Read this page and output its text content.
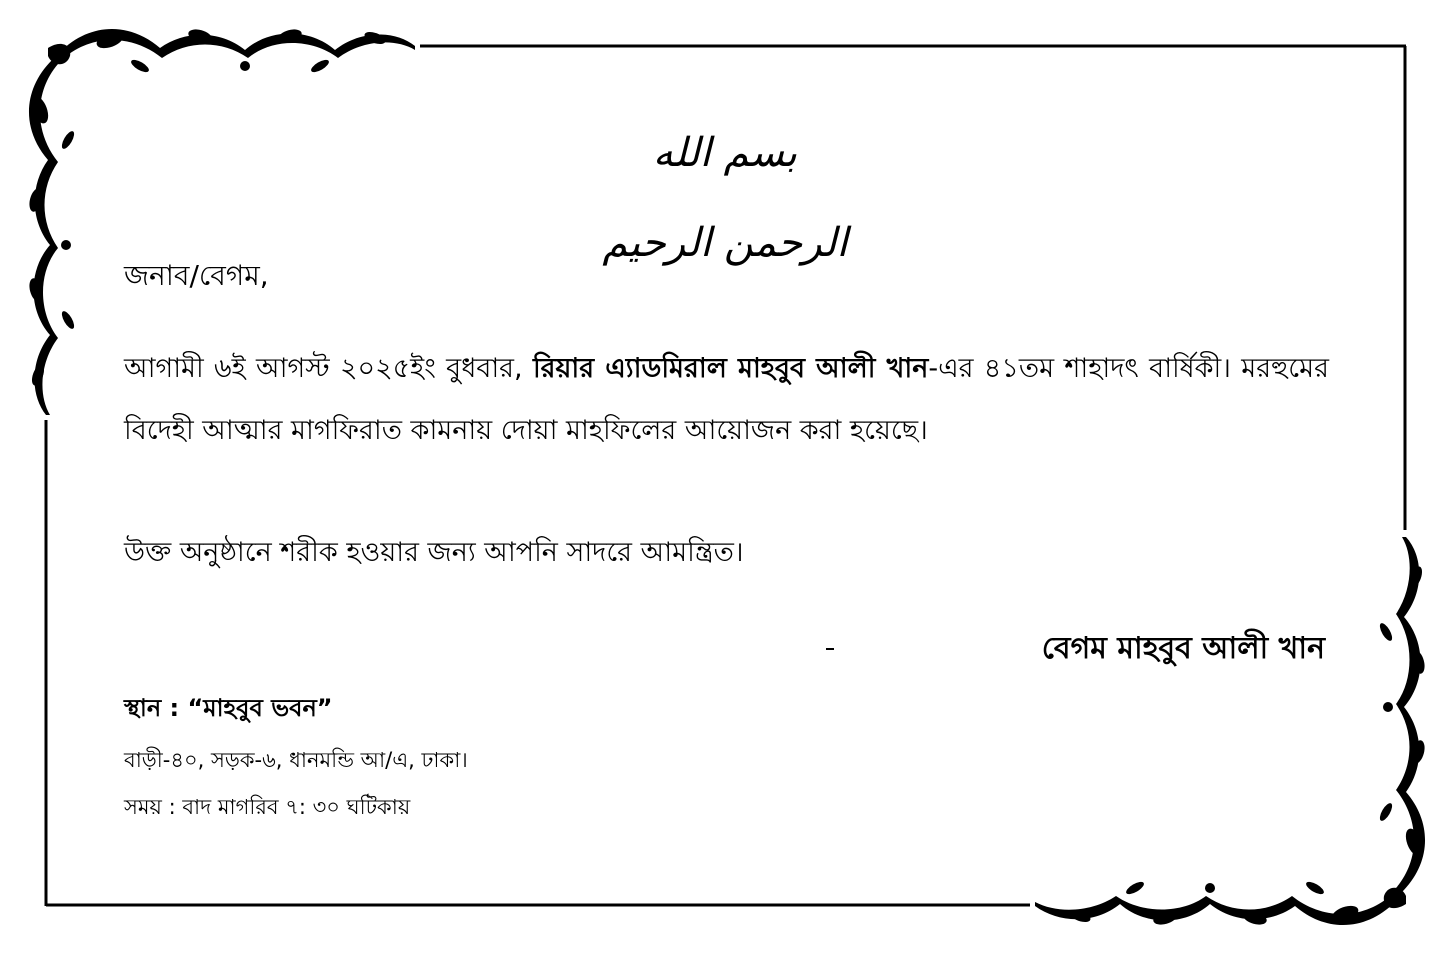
بسم الله الرحمن الرحيم
জনাব/বেগম,
আগামী ৬ই আগস্ট ২০২৫ইং বুধবার, রিয়ার এ্যাডমিরাল মাহবুব আলী খান-এর ৪১তম শাহাদৎ বার্ষিকী। মরহুমের বিদেহী আত্মার মাগফিরাত কামনায় দোয়া মাহফিলের আয়োজন করা হয়েছে।
উক্ত অনুষ্ঠানে শরীক হওয়ার জন্য আপনি সাদরে আমন্ত্রিত।
বেগম মাহবুব আলী খান
স্থান : “মাহবুব ভবন”
বাড়ী-৪০, সড়ক-৬, ধানমন্ডি আ/এ, ঢাকা।
সময় : বাদ মাগরিব ৭: ৩০ ঘটিকায়
